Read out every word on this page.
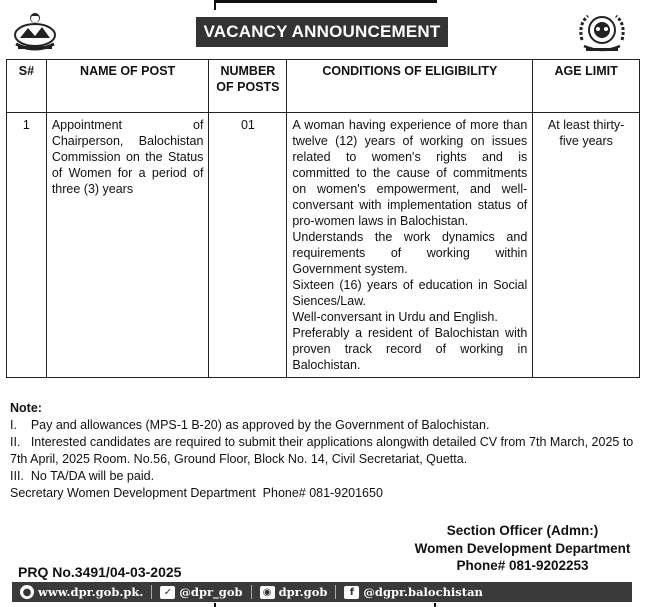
VACANCY ANNOUNCEMENT
S#	NAME OF POST	NUMBER OF POSTS	CONDITIONS OF ELIGIBILITY	AGE LIMIT
1	Appointment of Chairperson, Balochistan Commission on the Status of Women for a period of three (3) years	01	A woman having experience of more than twelve (12) years of working on issues related to women's rights and is committed to the cause of commitments on women's empowerment, and well-conversant with implementation status of pro-women laws in Balochistan.
Understands the work dynamics and requirements of working within Government system.
Sixteen (16) years of education in Social Siences/Law.
Well-conversant in Urdu and English.
Preferably a resident of Balochistan with proven track record of working in Balochistan.	At least thirty-five years
Note:
I.    Pay and allowances (MPS-1 B-20) as approved by the Government of Balochistan.
II.   Interested candidates are required to submit their applications alongwith detailed CV from 7th March, 2025 to 7th April, 2025 Room. No.56, Ground Floor, Block No. 14, Civil Secretariat, Quetta.
III.  No TA/DA will be paid.
Secretary Women Development Department  Phone# 081-9201650
Section Officer (Admn:)
Women Development Department
Phone# 081-9202253
PRQ No.3491/04-03-2025
● www.dpr.gob.pk.	✓ @dpr_gob	◉ dpr.gob	f @dgpr.balochistan
